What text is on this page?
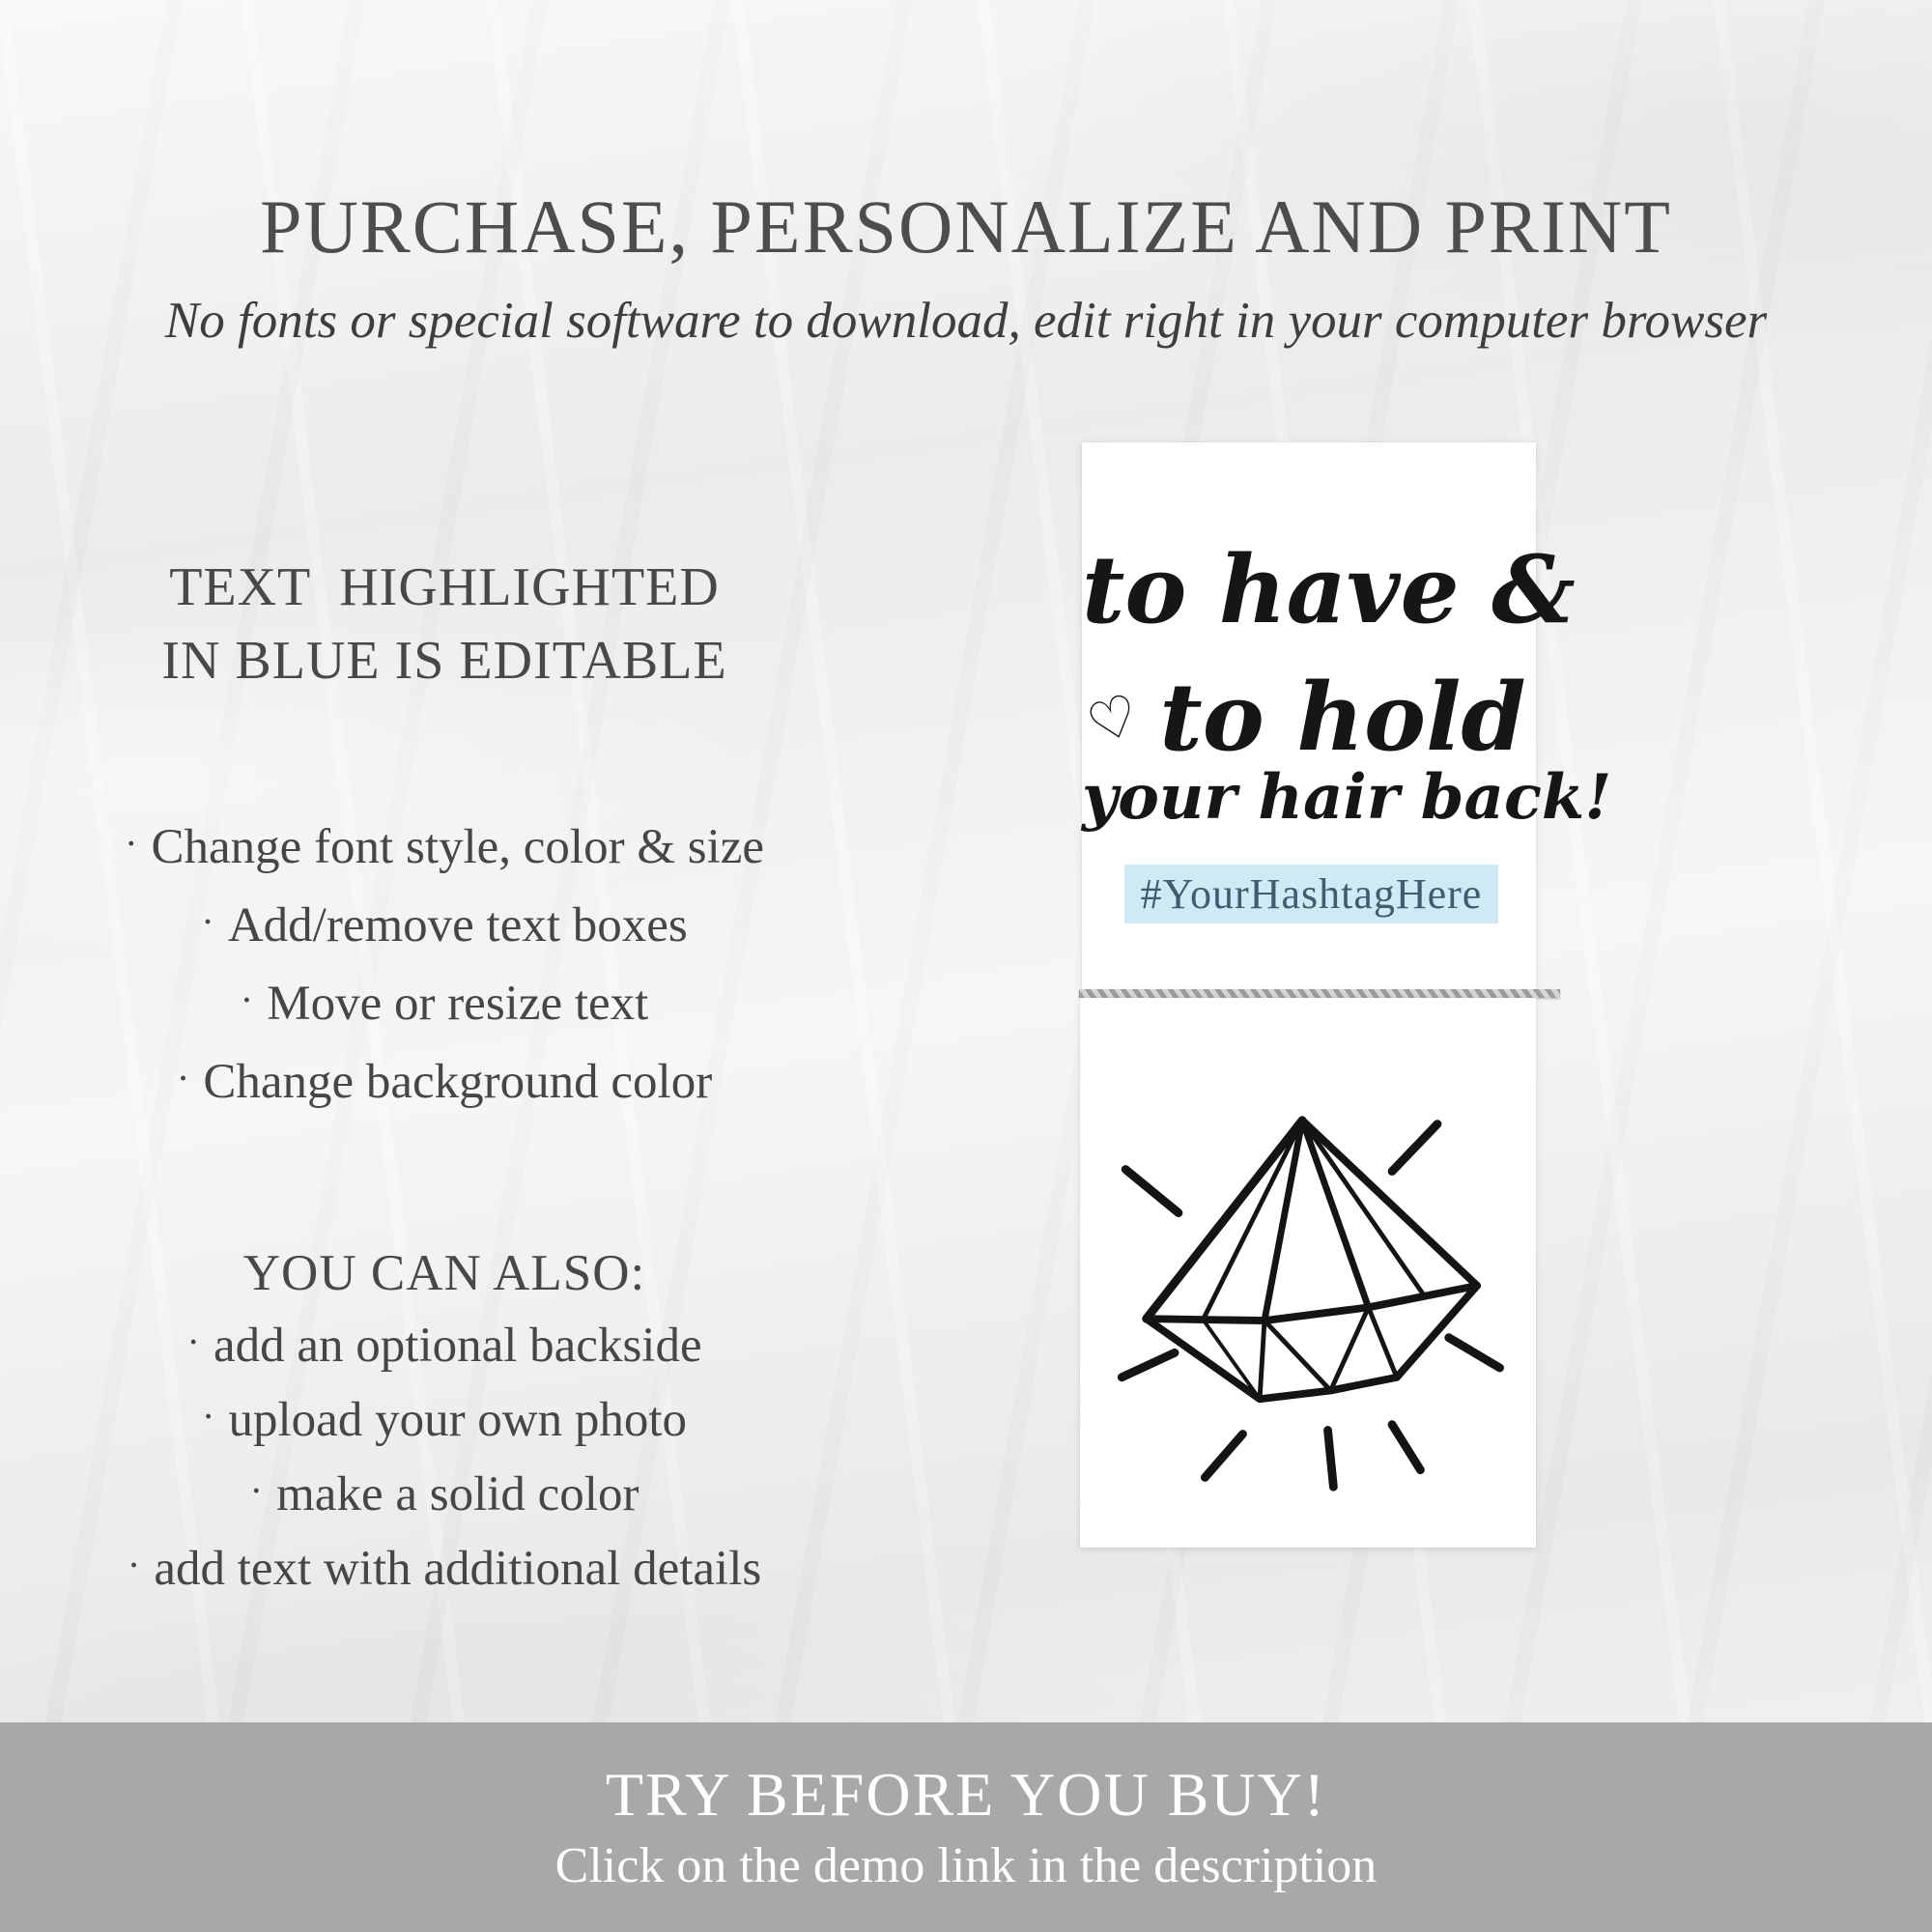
PURCHASE, PERSONALIZE AND PRINT
No fonts or special software to download, edit right in your computer browser
TEXT  HIGHLIGHTED
IN BLUE IS EDITABLE
· Change font style, color & size
· Add/remove text boxes
· Move or resize text
· Change background color
YOU CAN ALSO:
· add an optional backside
· upload your own photo
· make a solid color
· add text with additional details
to have &
♡ to hold
your hair back!
#YourHashtagHere
TRY BEFORE YOU BUY!
Click on the demo link in the description
